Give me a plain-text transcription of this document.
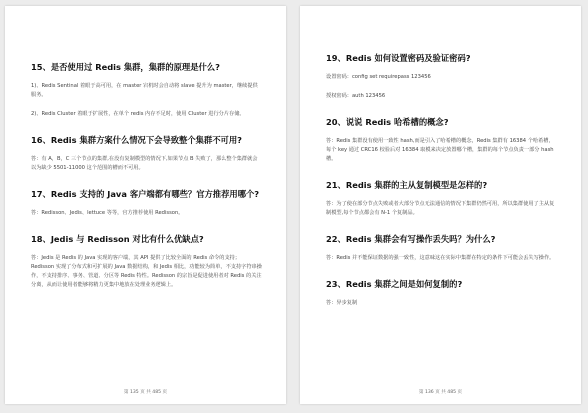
15、是否使用过 Redis 集群，集群的原理是什么?
1)、Redis Sentinal 着眼于高可用，在 master 宕机时会自动将 slave 提升为 master，继续提供服务。
2)、Redis Cluster 着眼于扩展性，在单个 redis 内存不足时，使用 Cluster 进行分片存储。
16、Redis 集群方案什么情况下会导致整个集群不可用?
答：有 A，B，C 三个节点的集群,在没有复制模型的情况下,如果节点 B 失败了，那么整个集群就会以为缺少 5501-11000 这个范围的槽而不可用。
17、Redis 支持的 Java 客户端都有哪些？官方推荐用哪个?
答：Redisson、Jedis、lettuce 等等，官方推荐使用 Redisson。
18、Jedis 与 Redisson 对比有什么优缺点?
答：Jedis 是 Redis 的 Java 实现的客户端，其 API 提供了比较全面的 Redis 命令的支持；Redisson 实现了分布式和可扩展的 Java 数据结构，和 Jedis 相比，功能较为简单，不支持字符串操作，不支持排序、事务、管道、分区等 Redis 特性。Redisson 的宗旨是促进使用者对 Redis 的关注分离，从而让使用者能够将精力更集中地放在处理业务逻辑上。
第 135 页 共 485 页
19、Redis 如何设置密码及验证密码?
设置密码：config set requirepass 123456
授权密码：auth 123456
20、说说 Redis 哈希槽的概念?
答：Redis 集群没有使用一致性 hash,而是引入了哈希槽的概念，Redis 集群有 16384 个哈希槽，每个 key 通过 CRC16 校验后对 16384 取模来决定放置哪个槽，集群的每个节点负责一部分 hash 槽。
21、Redis 集群的主从复制模型是怎样的?
答：为了使在部分节点失败或者大部分节点无法通信的情况下集群仍然可用，所以集群使用了主从复制模型,每个节点都会有 N-1 个复制品。
22、Redis 集群会有写操作丢失吗？为什么?
答：Redis 并不能保证数据的强一致性，这意味这在实际中集群在特定的条件下可能会丢失写操作。
23、Redis 集群之间是如何复制的?
答：异步复制
第 136 页 共 485 页
